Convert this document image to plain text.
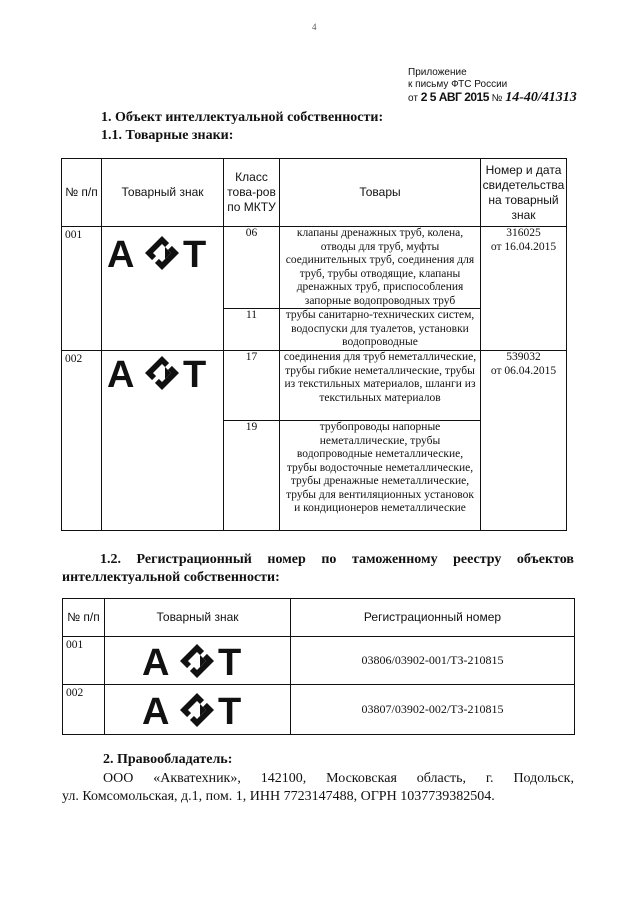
4
Приложение
к письму ФТС России
от 2 5 АВГ 2015 № 14-40/41313
1. Объект интеллектуальной собственности:
1.1. Товарные знаки:
№ п/п	Товарный знак	Класс това-ров по МКТУ	Товары	Номер и дата свидетельства на товарный знак
001		06	клапаны дренажных труб, колена, отводы для труб, муфты соединительных труб, соединения для труб, трубы отводящие, клапаны дренажных труб, приспособления запорные водопроводных труб	316025
от 16.04.2015

		11	трубы санитарно-технических систем, водоспуски для туалетов, установки водопроводные	
002		17	соединения для труб неметаллические, трубы гибкие неметаллические, трубы из текстильных материалов, шланги из текстильных материалов	539032
от 06.04.2015

		19	трубопроводы напорные неметаллические, трубы водопроводные неметаллические, трубы водосточные неметаллические, трубы дренажные неметаллические, трубы для вентиляционных установок и кондиционеров неметаллические	
1.2. Регистрационный номер по таможенному реестру объектов
интеллектуальной собственности:
№ п/п	Товарный знак	Регистрационный номер
001		03806/03902-001/ТЗ-210815
002		03807/03902-002/ТЗ-210815
2. Правообладатель:
ООО «Акватехник», 142100, Московская область, г. Подольск,
ул. Комсомольская, д.1, пом. 1, ИНН 7723147488, ОГРН 1037739382504.
